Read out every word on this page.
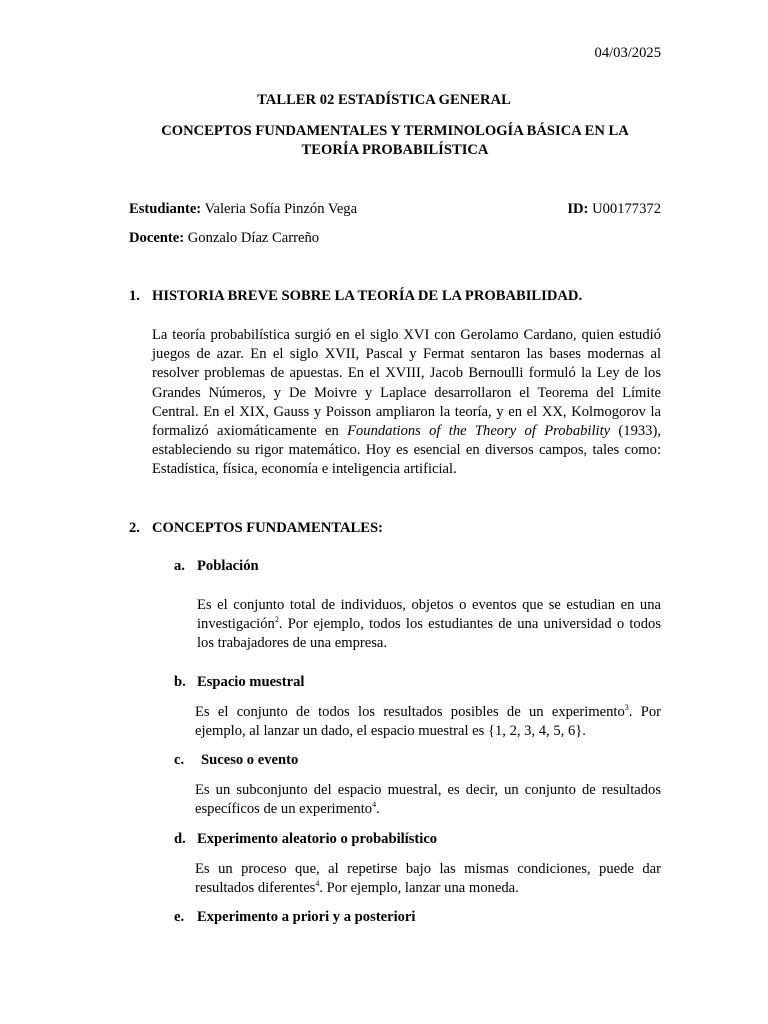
04/03/2025
TALLER 02 ESTADÍSTICA GENERAL
CONCEPTOS FUNDAMENTALES Y TERMINOLOGÍA BÁSICA EN LA TEORÍA PROBABILÍSTICA
Estudiante: Valeria Sofía Pinzón Vega	ID: U00177372
Docente: Gonzalo Díaz Carreño
1. HISTORIA BREVE SOBRE LA TEORÍA DE LA PROBABILIDAD.
La teoría probabilística surgió en el siglo XVI con Gerolamo Cardano, quien estudió juegos de azar. En el siglo XVII, Pascal y Fermat sentaron las bases modernas al resolver problemas de apuestas. En el XVIII, Jacob Bernoulli formuló la Ley de los Grandes Números, y De Moivre y Laplace desarrollaron el Teorema del Límite Central. En el XIX, Gauss y Poisson ampliaron la teoría, y en el XX, Kolmogorov la formalizó axiomáticamente en Foundations of the Theory of Probability (1933), estableciendo su rigor matemático. Hoy es esencial en diversos campos, tales como: Estadística, física, economía e inteligencia artificial.
2. CONCEPTOS FUNDAMENTALES:
a. Población
Es el conjunto total de individuos, objetos o eventos que se estudian en una investigación$^2$. Por ejemplo, todos los estudiantes de una universidad o todos los trabajadores de una empresa.
b. Espacio muestral
Es el conjunto de todos los resultados posibles de un experimento$^3$. Por ejemplo, al lanzar un dado, el espacio muestral es {1, 2, 3, 4, 5, 6}.
c. Suceso o evento
Es un subconjunto del espacio muestral, es decir, un conjunto de resultados específicos de un experimento$^4$.
d. Experimento aleatorio o probabilístico
Es un proceso que, al repetirse bajo las mismas condiciones, puede dar resultados diferentes$^4$. Por ejemplo, lanzar una moneda.
e. Experimento a priori y a posteriori
